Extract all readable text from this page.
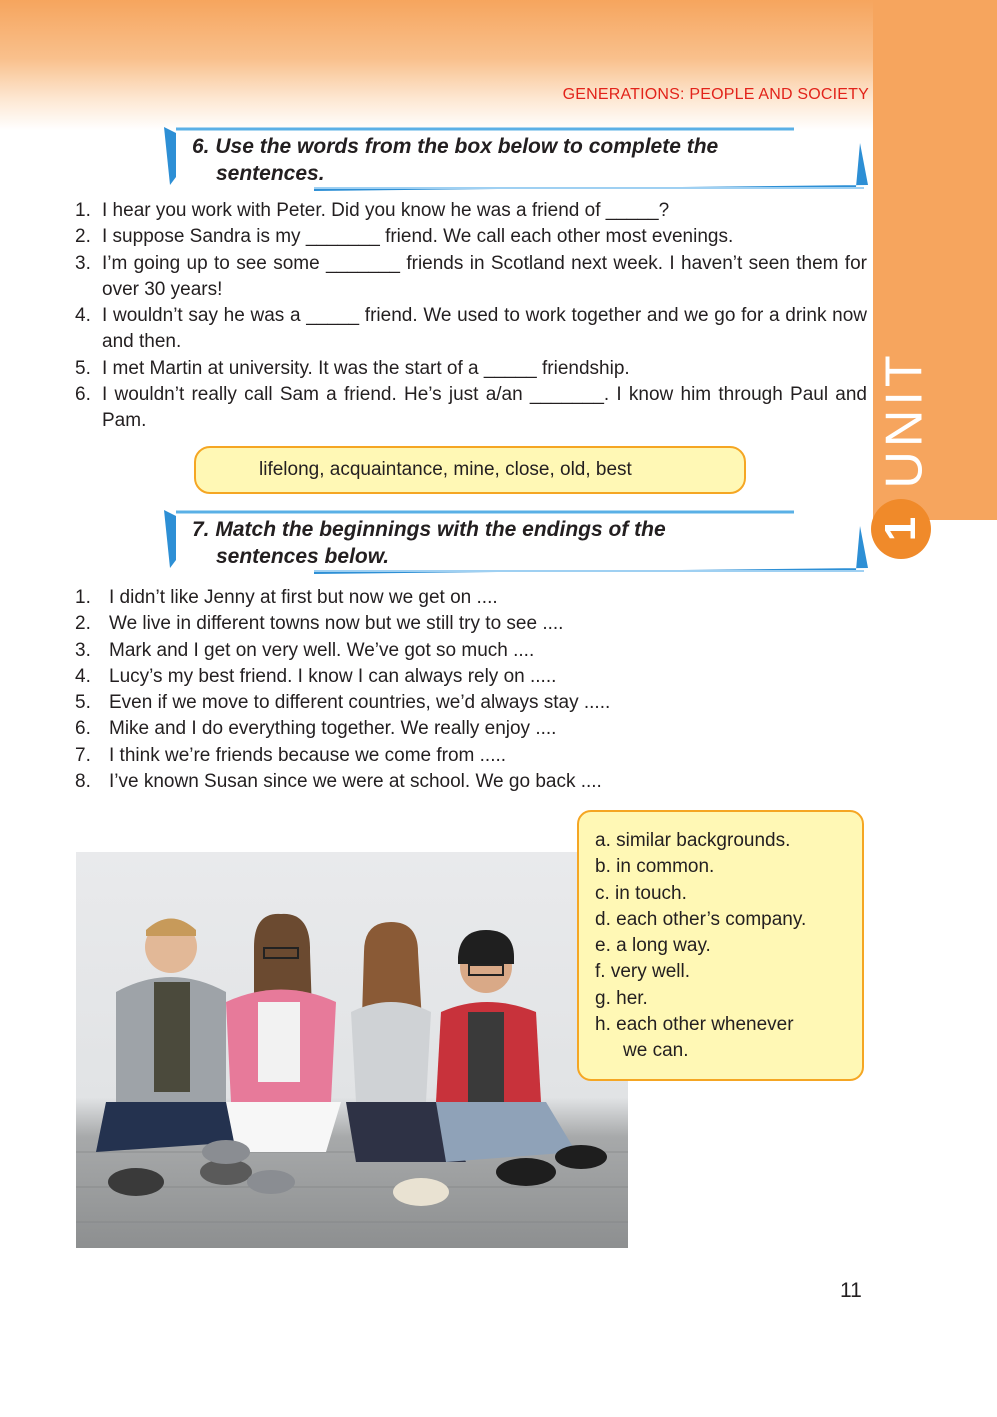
UNIT
1
GENERATIONS: PEOPLE AND SOCIETY
6. Use the words from the box below to complete the
sentences.
1. I hear you work with Peter. Did you know he was a friend of _____?
2. I suppose Sandra is my _______ friend. We call each other most evenings.
3. I’m going up to see some _______ friends in Scotland next week. I haven’t seen them for over 30 years!
4. I wouldn’t say he was a _____ friend. We used to work together and we go for a drink now and then.
5. I met Martin at university. It was the start of a _____ friendship.
6. I wouldn’t really call Sam a friend. He’s just a/an _______. I know him through Paul and Pam.
lifelong, acquaintance, mine, close, old, best
7. Match the beginnings with the endings of the
sentences below.
1. I didn’t like Jenny at first but now we get on ....
2. We live in different towns now but we still try to see ....
3. Mark and I get on very well. We’ve got so much ....
4. Lucy’s my best friend. I know I can always rely on .....
5. Even if we move to different countries, we’d always stay .....
6. Mike and I do everything together. We really enjoy ....
7. I think we’re friends because we come from .....
8. I’ve known Susan since we were at school. We go back ....
a. similar backgrounds.
b. in common.
c. in touch.
d. each other’s company.
e. a long way.
f. very well.
g. her.
h. each other whenever
we can.
11
